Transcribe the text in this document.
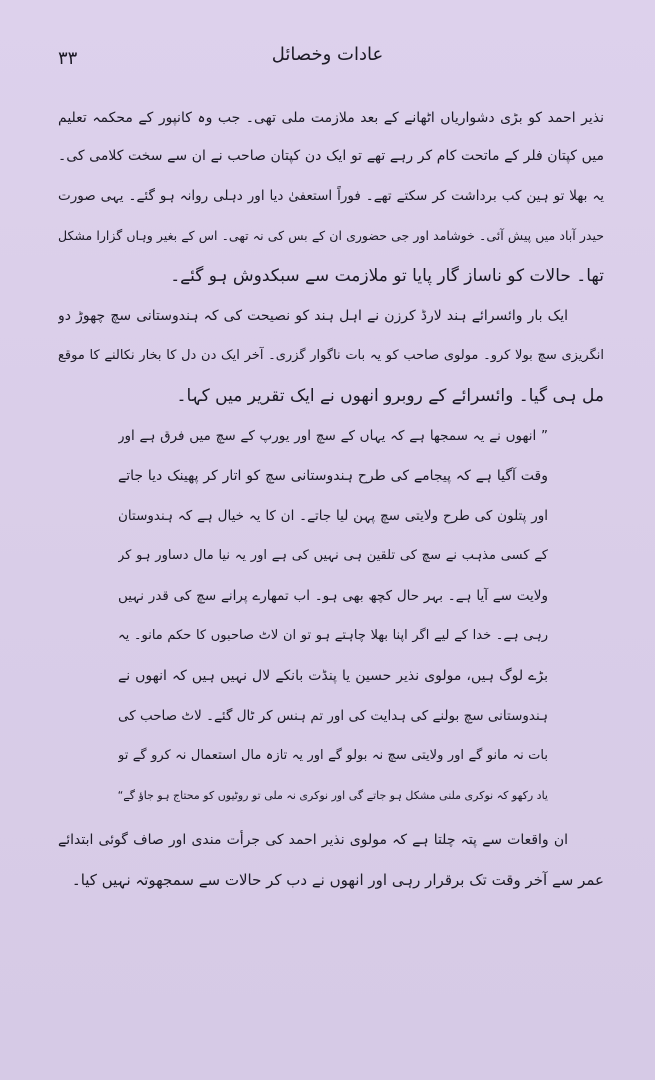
۳۳	عادات وخصائل
نذیر احمد کو بڑی دشواریاں اٹھانے کے بعد ملازمت ملی تھی۔ جب وہ کانپور کے محکمہ تعلیم
میں کپتان فلر کے ماتحت کام کر رہے تھے تو ایک دن کپتان صاحب نے ان سے سخت کلامی کی۔
یہ بھلا تو ہین کب برداشت کر سکتے تھے۔ فوراً استعفیٰ دیا اور دہلی روانہ ہو گئے۔ یہی صورت
حیدر آباد میں پیش آئی۔ خوشامد اور جی حضوری ان کے بس کی نہ تھی۔ اس کے بغیر وہاں گزارا مشکل
تھا۔ حالات کو ناساز گار پایا تو ملازمت سے سبکدوش ہو گئے۔
ایک بار وائسرائے ہند لارڈ کرزن نے اہل ہند کو نصیحت کی کہ ہندوستانی سچ چھوڑ دو
انگریزی سچ بولا کرو۔ مولوی صاحب کو یہ بات ناگوار گزری۔ آخر ایک دن دل کا بخار نکالنے کا موقع
مل ہی گیا۔ وائسرائے کے روبرو انھوں نے ایک تقریر میں کہا۔
” انھوں نے یہ سمجھا ہے کہ یہاں کے سچ اور یورپ کے سچ میں فرق ہے اور
وقت آگیا ہے کہ پیجامے کی طرح ہندوستانی سچ کو اتار کر پھینک دیا جاتے
اور پتلون کی طرح ولایتی سچ پہن لیا جاتے۔ ان کا یہ خیال ہے کہ ہندوستان
کے کسی مذہب نے سچ کی تلقین ہی نہیں کی ہے اور یہ نیا مال دساور ہو کر
ولایت سے آیا ہے۔ بہر حال کچھ بھی ہو۔ اب تمھارے پرانے سچ کی قدر نہیں
رہی ہے۔ خدا کے لیے اگر اپنا بھلا چاہتے ہو تو ان لاٹ صاحبوں کا حکم مانو۔ یہ
بڑے لوگ ہیں، مولوی نذیر حسین یا پنڈت بانکے لال نہیں ہیں کہ انھوں نے
ہندوستانی سچ بولنے کی ہدایت کی اور تم ہنس کر ٹال گئے۔ لاٹ صاحب کی
بات نہ مانو گے اور ولایتی سچ نہ بولو گے اور یہ تازہ مال استعمال نہ کرو گے تو
یاد رکھو کہ نوکری ملنی مشکل ہو جاتے گی اور نوکری نہ ملی تو روٹیوں کو محتاج ہو جاؤ گے“
ان واقعات سے پتہ چلتا ہے کہ مولوی نذیر احمد کی جرأت مندی اور صاف گوئی ابتدائے
عمر سے آخر وقت تک برقرار رہی اور انھوں نے دب کر حالات سے سمجھوتہ نہیں کیا۔
